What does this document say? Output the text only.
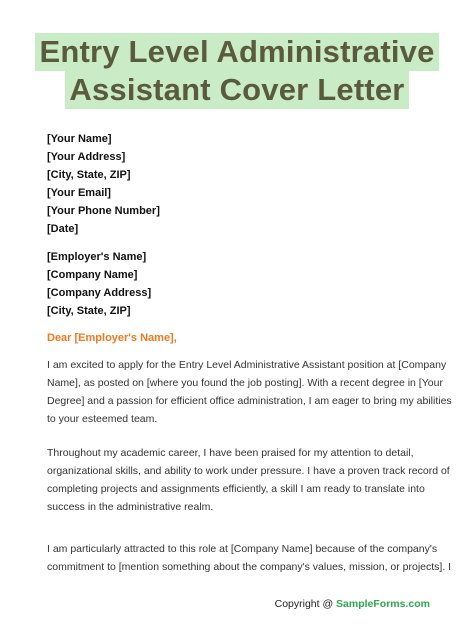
Entry Level Administrative
Assistant Cover Letter
[Your Name]
[Your Address]
[City, State, ZIP]
[Your Email]
[Your Phone Number]
[Date]
[Employer's Name]
[Company Name]
[Company Address]
[City, State, ZIP]
Dear [Employer's Name],
I am excited to apply for the Entry Level Administrative Assistant position at [Company
Name], as posted on [where you found the job posting]. With a recent degree in [Your
Degree] and a passion for efficient office administration, I am eager to bring my abilities
to your esteemed team.
Throughout my academic career, I have been praised for my attention to detail,
organizational skills, and ability to work under pressure. I have a proven track record of
completing projects and assignments efficiently, a skill I am ready to translate into
success in the administrative realm.
I am particularly attracted to this role at [Company Name] because of the company's
commitment to [mention something about the company's values, mission, or projects]. I
Copyright @ SampleForms.com
